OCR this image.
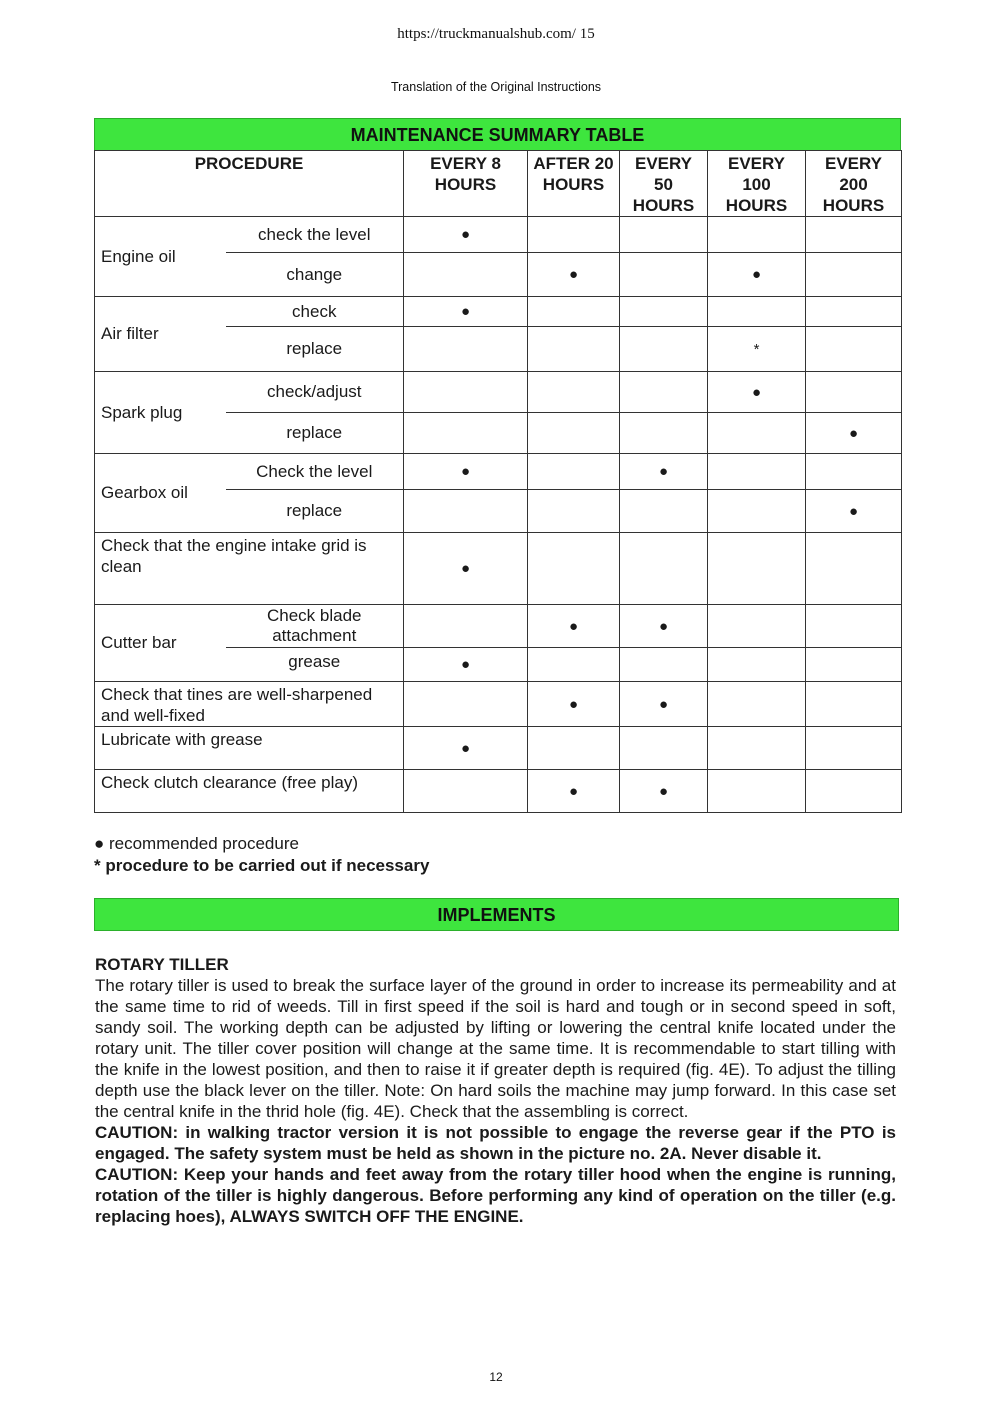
https://truckmanualshub.com/ 15
Translation of the Original Instructions
MAINTENANCE SUMMARY TABLE
PROCEDURE		EVERY 8 HOURS	AFTER 20 HOURS	EVERY 50 HOURS	EVERY 100 HOURS	EVERY 200 HOURS
Engine oil	check the level	●				
	change		●		●	
Air filter	check	●				
	replace				*	
Spark plug	check/adjust				●	
	replace					●
Gearbox oil	Check the level	●		●		
	replace					●
Check that the engine intake grid is clean		●				
Cutter bar	Check blade attachment		●	●		
	grease	●				
Check that tines are well-sharpened and well-fixed			●	●		
Lubricate with grease		●				
Check clutch clearance (free play)			●	●		
● recommended procedure
* procedure to be carried out if necessary
IMPLEMENTS
ROTARY TILLER
The rotary tiller is used to break the surface layer of the ground in order to increase its permeability and at the same time to rid of weeds. Till in first speed if the soil is hard and tough or in second speed in soft, sandy soil. The working depth can be adjusted by lifting or lowering the central knife located under the rotary unit. The tiller cover position will change at the same time. It is recommendable to start tilling with the knife in the lowest position, and then to raise it if greater depth is required (fig. 4E). To adjust the tilling depth use the black lever on the tiller. Note: On hard soils the machine may jump forward. In this case set the central knife in the thrid hole (fig. 4E). Check that the assembling is correct.
CAUTION: in walking tractor version it is not possible to engage the reverse gear if the PTO is engaged. The safety system must be held as shown in the picture no. 2A. Never disable it.
CAUTION: Keep your hands and feet away from the rotary tiller hood when the engine is running, rotation of the tiller is highly dangerous. Before performing any kind of operation on the tiller (e.g. replacing hoes), ALWAYS SWITCH OFF THE ENGINE.
12
